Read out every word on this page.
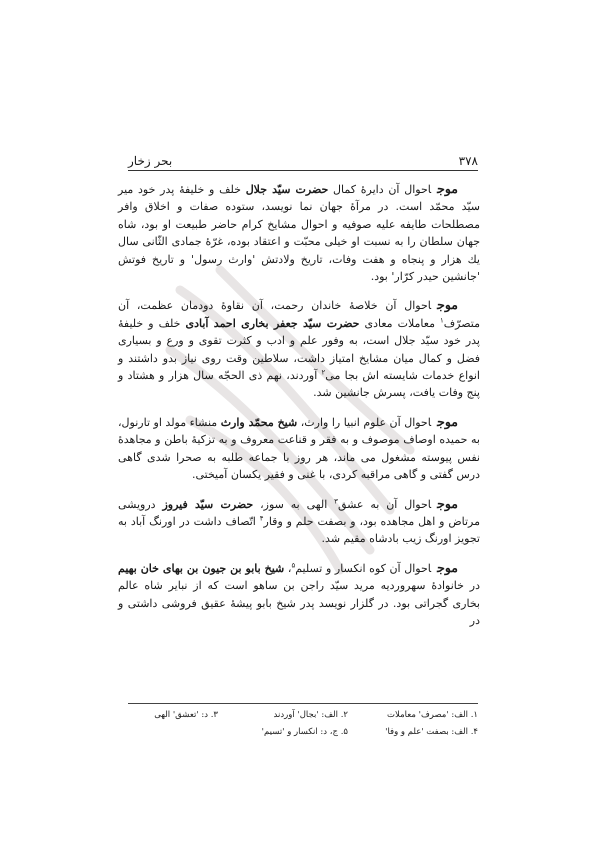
۳۷۸
بحر زخار

موجاحوال آن دایرهٔ کمال حضرت سیّد جلال خلف و خلیفهٔ پدر خود میر سیّد محمّد است. در مرآهٔ جهان نما نویسد، ستوده صفات و اخلاق وافر مصطلحات طایفه علیه صوفیه و احوال مشایخ کرام حاضر طبیعت او بود، شاه جهان سلطان را به نسبت او خیلی محبّت و اعتقاد بوده، غرّهٔ جمادی الثّانی سال یك هزار و پنجاه و هفت وفات، تاریخ ولادتش 'وارث رسول' و تاریخ فوتش 'جانشین حیدر کرّار' بود.

موجاحوال آن خلاصهٔ خاندان رحمت، آن نقاوهٔ دودمان عظمت، آن متصرّف$^۱$ معاملات معادی حضرت سیّد جعفر بخاری احمد آبادی خلف و خلیفهٔ پدر خود سیّد جلال است، به وفور علم و ادب و کثرت تقوی و ورع و بسیاری فضل و کمال میان مشایخ امتیاز داشت، سلاطین وقت روی نیاز بدو داشتند و انواع خدمات شایسته اش بجا می$^۲$ آوردند، نهم ذی الحجّه سال هزار و هشتاد و پنج وفات یافت، پسرش جانشین شد.

موجاحوال آن علوم انبیا را وارث، شیخ محمّد وارث منشاء مولد او تارنول، به حمیده اوصاف موصوف و به فقر و قناعت معروف و به تزکیهٔ باطن و مجاهدهٔ نفس پیوسته مشغول می ماند، هر روز با جماعه طلبه به صحرا شدی گاهی درس گفتی و گاهی مراقبه کردی، با غنی و فقیر یکسان آمیختی.

موجاحوال آن به عشق$^۳$ الهی به سوز، حضرت سیّد فیروز درویشی مرتاض و اهل مجاهده بود، و بصفت حلم و وقار$^۴$ اتّصاف داشت در اورنگ آباد به تجویز اورنگ زیب بادشاه مقیم شد.

موجاحوال آن کوه انکسار و تسلیم$^۵$، شیخ بابو بن جیون بن بهای خان بهیم در خانوادهٔ سهروردیه مرید سیّد راجن بن ساهو است که از نبایر شاه عالم بخاری گجراتی بود. در گلزار نویسد پدر شیخ بابو پیشهٔ عقیق فروشی داشتی و در

۱. الف: 'مصرف' معاملات
۲. الف: 'بجال' آوردند
۳. د: 'تعشق' الهی
۴. الف: بصفت 'علم و وفا'
۵. ج، د: انکسار و 'تسیم'
